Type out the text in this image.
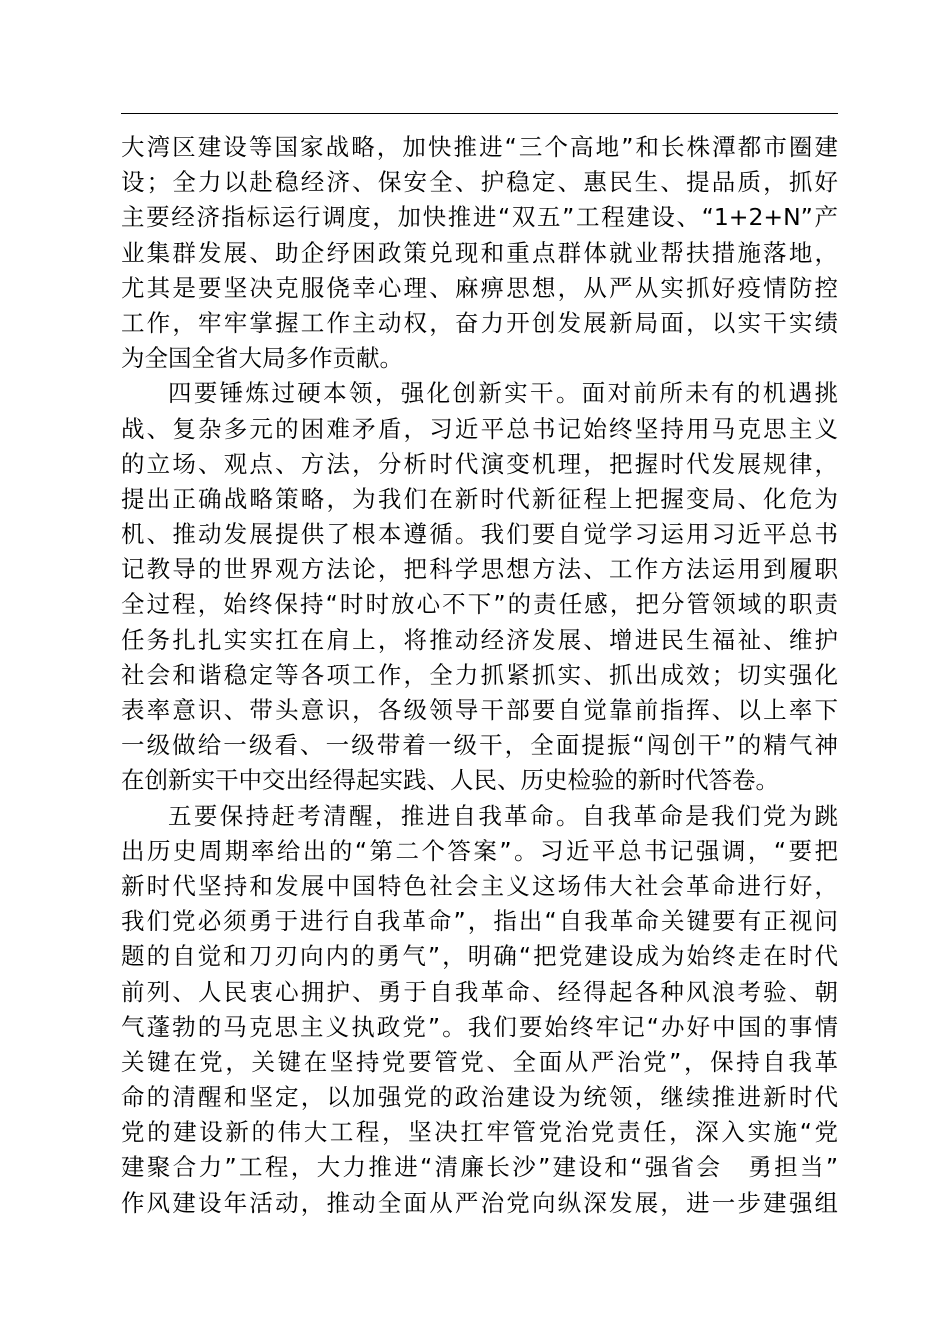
大湾区建设等国家战略，加快推进“三个高地”和长株潭都市圈建
设；全力以赴稳经济、保安全、护稳定、惠民生、提品质，抓好
主要经济指标运行调度，加快推进“双五”工程建设、“1+2+N”产
业集群发展、助企纾困政策兑现和重点群体就业帮扶措施落地，
尤其是要坚决克服侥幸心理、麻痹思想，从严从实抓好疫情防控
工作，牢牢掌握工作主动权，奋力开创发展新局面，以实干实绩
为全国全省大局多作贡献。
四要锤炼过硬本领，强化创新实干。面对前所未有的机遇挑
战、复杂多元的困难矛盾，习近平总书记始终坚持用马克思主义
的立场、观点、方法，分析时代演变机理，把握时代发展规律，
提出正确战略策略，为我们在新时代新征程上把握变局、化危为
机、推动发展提供了根本遵循。我们要自觉学习运用习近平总书
记教导的世界观方法论，把科学思想方法、工作方法运用到履职
全过程，始终保持“时时放心不下”的责任感，把分管领域的职责
任务扎扎实实扛在肩上，将推动经济发展、增进民生福祉、维护
社会和谐稳定等各项工作，全力抓紧抓实、抓出成效；切实强化
表率意识、带头意识，各级领导干部要自觉靠前指挥、以上率下
一级做给一级看、一级带着一级干，全面提振“闯创干”的精气神
在创新实干中交出经得起实践、人民、历史检验的新时代答卷。
五要保持赶考清醒，推进自我革命。自我革命是我们党为跳
出历史周期率给出的“第二个答案”。习近平总书记强调，“要把
新时代坚持和发展中国特色社会主义这场伟大社会革命进行好，
我们党必须勇于进行自我革命”，指出“自我革命关键要有正视问
题的自觉和刀刃向内的勇气”，明确“把党建设成为始终走在时代
前列、人民衷心拥护、勇于自我革命、经得起各种风浪考验、朝
气蓬勃的马克思主义执政党”。我们要始终牢记“办好中国的事情
关键在党，关键在坚持党要管党、全面从严治党”，保持自我革
命的清醒和坚定，以加强党的政治建设为统领，继续推进新时代
党的建设新的伟大工程，坚决扛牢管党治党责任，深入实施“党
建聚合力”工程，大力推进“清廉长沙”建设和“强省会　勇担当”
作风建设年活动，推动全面从严治党向纵深发展，进一步建强组
